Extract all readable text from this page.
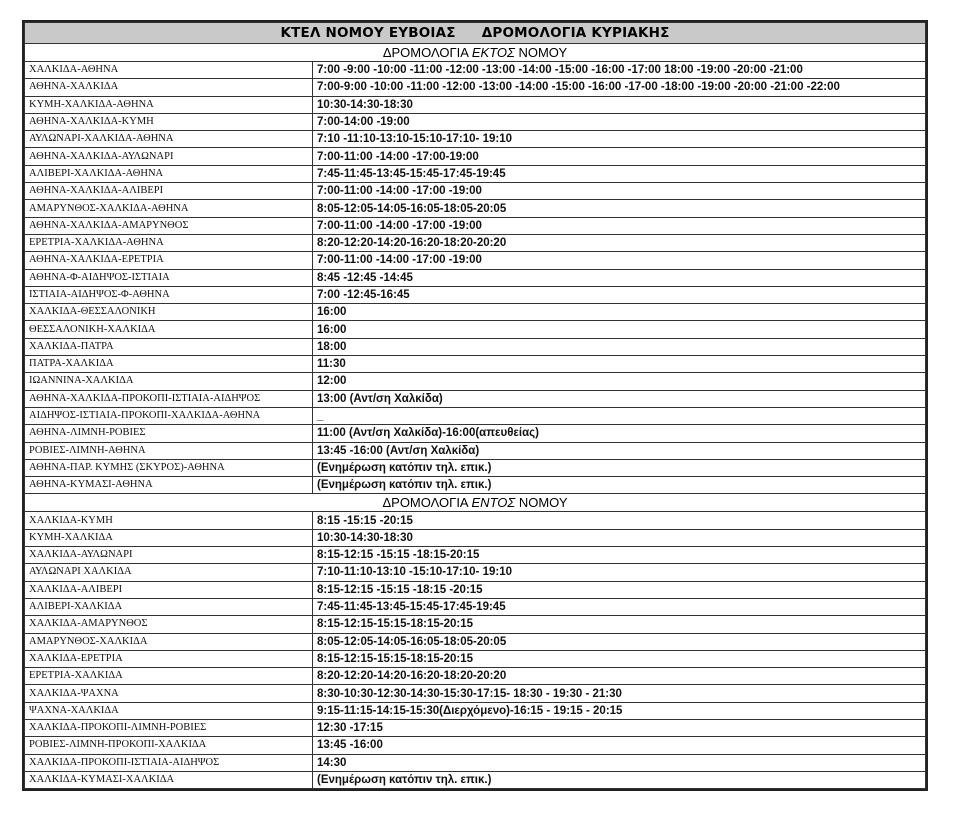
ΚΤΕΛ ΝΟΜΟΥ ΕΥΒΟΙΑΣ ΔΡΟΜΟΛΟΓΙΑ ΚΥΡΙΑΚΗΣ	
ΔΡΟΜΟΛΟΓΙΑ ΕΚΤΟΣ ΝΟΜΟΥ	
ΧΑΛΚΙΔΑ-ΑΘΗΝΑ	7:00 -9:00 -10:00 -11:00 -12:00 -13:00 -14:00 -15:00 -16:00 -17:00 18:00 -19:00 -20:00 -21:00
ΑΘΗΝΑ-ΧΑΛΚΙΔΑ	7:00-9:00 -10:00 -11:00 -12:00 -13:00 -14:00 -15:00 -16:00 -17-00 -18:00 -19:00 -20:00 -21:00 -22:00
ΚΥΜΗ-ΧΑΛΚΙΔΑ-ΑΘΗΝΑ	10:30-14:30-18:30
ΑΘΗΝΑ-ΧΑΛΚΙΔΑ-ΚΥΜΗ	7:00-14:00 -19:00
ΑΥΛΩΝΑΡΙ-ΧΑΛΚΙΔΑ-ΑΘΗΝΑ	7:10 -11:10-13:10-15:10-17:10- 19:10
ΑΘΗΝΑ-ΧΑΛΚΙΔΑ-ΑΥΛΩΝΑΡΙ	7:00-11:00 -14:00 -17:00-19:00
ΑΛΙΒΕΡΙ-ΧΑΛΚΙΔΑ-ΑΘΗΝΑ	7:45-11:45-13:45-15:45-17:45-19:45
ΑΘΗΝΑ-ΧΑΛΚΙΔΑ-ΑΛΙΒΕΡΙ	7:00-11:00 -14:00 -17:00 -19:00
ΑΜΑΡΥΝΘΟΣ-ΧΑΛΚΙΔΑ-ΑΘΗΝΑ	8:05-12:05-14:05-16:05-18:05-20:05
ΑΘΗΝΑ-ΧΑΛΚΙΔΑ-ΑΜΑΡΥΝΘΟΣ	7:00-11:00 -14:00 -17:00 -19:00
ΕΡΕΤΡΙΑ-ΧΑΛΚΙΔΑ-ΑΘΗΝΑ	8:20-12:20-14:20-16:20-18:20-20:20
ΑΘΗΝΑ-ΧΑΛΚΙΔΑ-ΕΡΕΤΡΙΑ	7:00-11:00 -14:00 -17:00 -19:00
ΑΘΗΝΑ-Φ-ΑΙΔΗΨΟΣ-ΙΣΤΙΑΙΑ	8:45 -12:45 -14:45
ΙΣΤΙΑΙΑ-ΑΙΔΗΨΟΣ-Φ-ΑΘΗΝΑ	7:00 -12:45-16:45
ΧΑΛΚΙΔΑ-ΘΕΣΣΑΛΟΝΙΚΗ	16:00
ΘΕΣΣΑΛΟΝΙΚΗ-ΧΑΛΚΙΔΑ	16:00
ΧΑΛΚΙΔΑ-ΠΑΤΡΑ	18:00
ΠΑΤΡΑ-ΧΑΛΚΙΔΑ	11:30
ΙΩΑΝΝΙΝΑ-ΧΑΛΚΙΔΑ	12:00
ΑΘΗΝΑ-ΧΑΛΚΙΔΑ-ΠΡΟΚΟΠΙ-ΙΣΤΙΑΙΑ-ΑΙΔΗΨΟΣ	13:00 (Αντ/ση Χαλκίδα)
ΑΙΔΗΨΟΣ-ΙΣΤΙΑΙΑ-ΠΡΟΚΟΠΙ-ΧΑΛΚΙΔΑ-ΑΘΗΝΑ	_
ΑΘΗΝΑ-ΛΙΜΝΗ-ΡΟΒΙΕΣ	11:00 (Αντ/ση Χαλκίδα)-16:00(απευθείας)
ΡΟΒΙΕΣ-ΛΙΜΝΗ-ΑΘΗΝΑ	13:45 -16:00 (Αντ/ση Χαλκίδα)
ΑΘΗΝΑ-ΠΑΡ. ΚΥΜΗΣ (ΣΚΥΡΟΣ)-ΑΘΗΝΑ	(Ενημέρωση κατόπιν τηλ. επικ.)
ΑΘΗΝΑ-ΚΥΜΑΣΙ-ΑΘΗΝΑ	(Ενημέρωση κατόπιν τηλ. επικ.)
ΔΡΟΜΟΛΟΓΙΑ ΕΝΤΟΣ ΝΟΜΟΥ	
ΧΑΛΚΙΔΑ-ΚΥΜΗ	8:15 -15:15 -20:15
ΚΥΜΗ-ΧΑΛΚΙΔΑ	10:30-14:30-18:30
ΧΑΛΚΙΔΑ-ΑΥΛΩΝΑΡΙ	8:15-12:15 -15:15 -18:15-20:15
ΑΥΛΩΝΑΡΙ ΧΑΛΚΙΔΑ	7:10-11:10-13:10 -15:10-17:10- 19:10
ΧΑΛΚΙΔΑ-ΑΛΙΒΕΡΙ	8:15-12:15 -15:15 -18:15 -20:15
ΑΛΙΒΕΡΙ-ΧΑΛΚΙΔΑ	7:45-11:45-13:45-15:45-17:45-19:45
ΧΑΛΚΙΔΑ-ΑΜΑΡΥΝΘΟΣ	8:15-12:15-15:15-18:15-20:15
ΑΜΑΡΥΝΘΟΣ-ΧΑΛΚΙΔΑ	8:05-12:05-14:05-16:05-18:05-20:05
ΧΑΛΚΙΔΑ-ΕΡΕΤΡΙΑ	8:15-12:15-15:15-18:15-20:15
ΕΡΕΤΡΙΑ-ΧΑΛΚΙΔΑ	8:20-12:20-14:20-16:20-18:20-20:20
ΧΑΛΚΙΔΑ-ΨΑΧΝΑ	8:30-10:30-12:30-14:30-15:30-17:15- 18:30 - 19:30 - 21:30
ΨΑΧΝΑ-ΧΑΛΚΙΔΑ	9:15-11:15-14:15-15:30(Διερχόμενο)-16:15 - 19:15 - 20:15
ΧΑΛΚΙΔΑ-ΠΡΟΚΟΠΙ-ΛΙΜΝΗ-ΡΟΒΙΕΣ	12:30 -17:15
ΡΟΒΙΕΣ-ΛΙΜΝΗ-ΠΡΟΚΟΠΙ-ΧΑΛΚΙΔΑ	13:45 -16:00
ΧΑΛΚΙΔΑ-ΠΡΟΚΟΠΙ-ΙΣΤΙΑΙΑ-ΑΙΔΗΨΟΣ	14:30
ΧΑΛΚΙΔΑ-ΚΥΜΑΣΙ-ΧΑΛΚΙΔΑ	(Ενημέρωση κατόπιν τηλ. επικ.)
